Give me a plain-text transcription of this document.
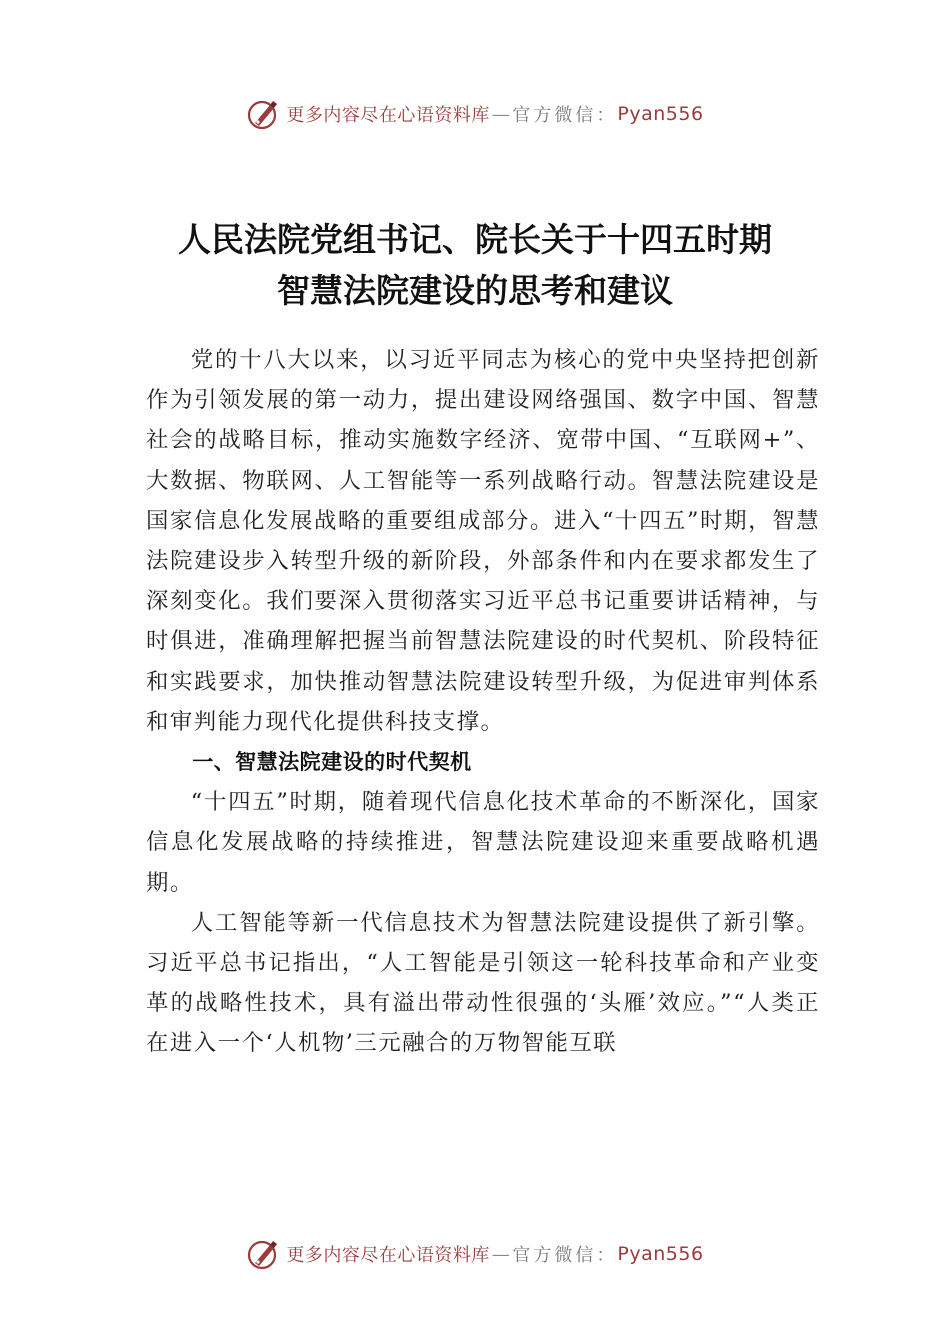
更多内容尽在心语资料库 — 官方微信： Pyan556
人民法院党组书记、院长关于十四五时期
智慧法院建设的思考和建议

党的十八大以来，以习近平同志为核心的党中央坚持把创新作为引领发展的第一动力，提出建设网络强国、数字中国、智慧社会的战略目标，推动实施数字经济、宽带中国、“互联网+”、大数据、物联网、人工智能等一系列战略行动。智慧法院建设是国家信息化发展战略的重要组成部分。进入“十四五”时期，智慧法院建设步入转型升级的新阶段，外部条件和内在要求都发生了深刻变化。我们要深入贯彻落实习近平总书记重要讲话精神，与时俱进，准确理解把握当前智慧法院建设的时代契机、阶段特征和实践要求，加快推动智慧法院建设转型升级，为促进审判体系和审判能力现代化提供科技支撑。

一、智慧法院建设的时代契机

“十四五”时期，随着现代信息化技术革命的不断深化，国家信息化发展战略的持续推进，智慧法院建设迎来重要战略机遇期。

人工智能等新一代信息技术为智慧法院建设提供了新引擎。习近平总书记指出，“人工智能是引领这一轮科技革命和产业变革的战略性技术，具有溢出带动性很强的‘头雁’效应。”“人类正在进入一个‘人机物’三元融合的万物智能互联

更多内容尽在心语资料库 — 官方微信： Pyan556
